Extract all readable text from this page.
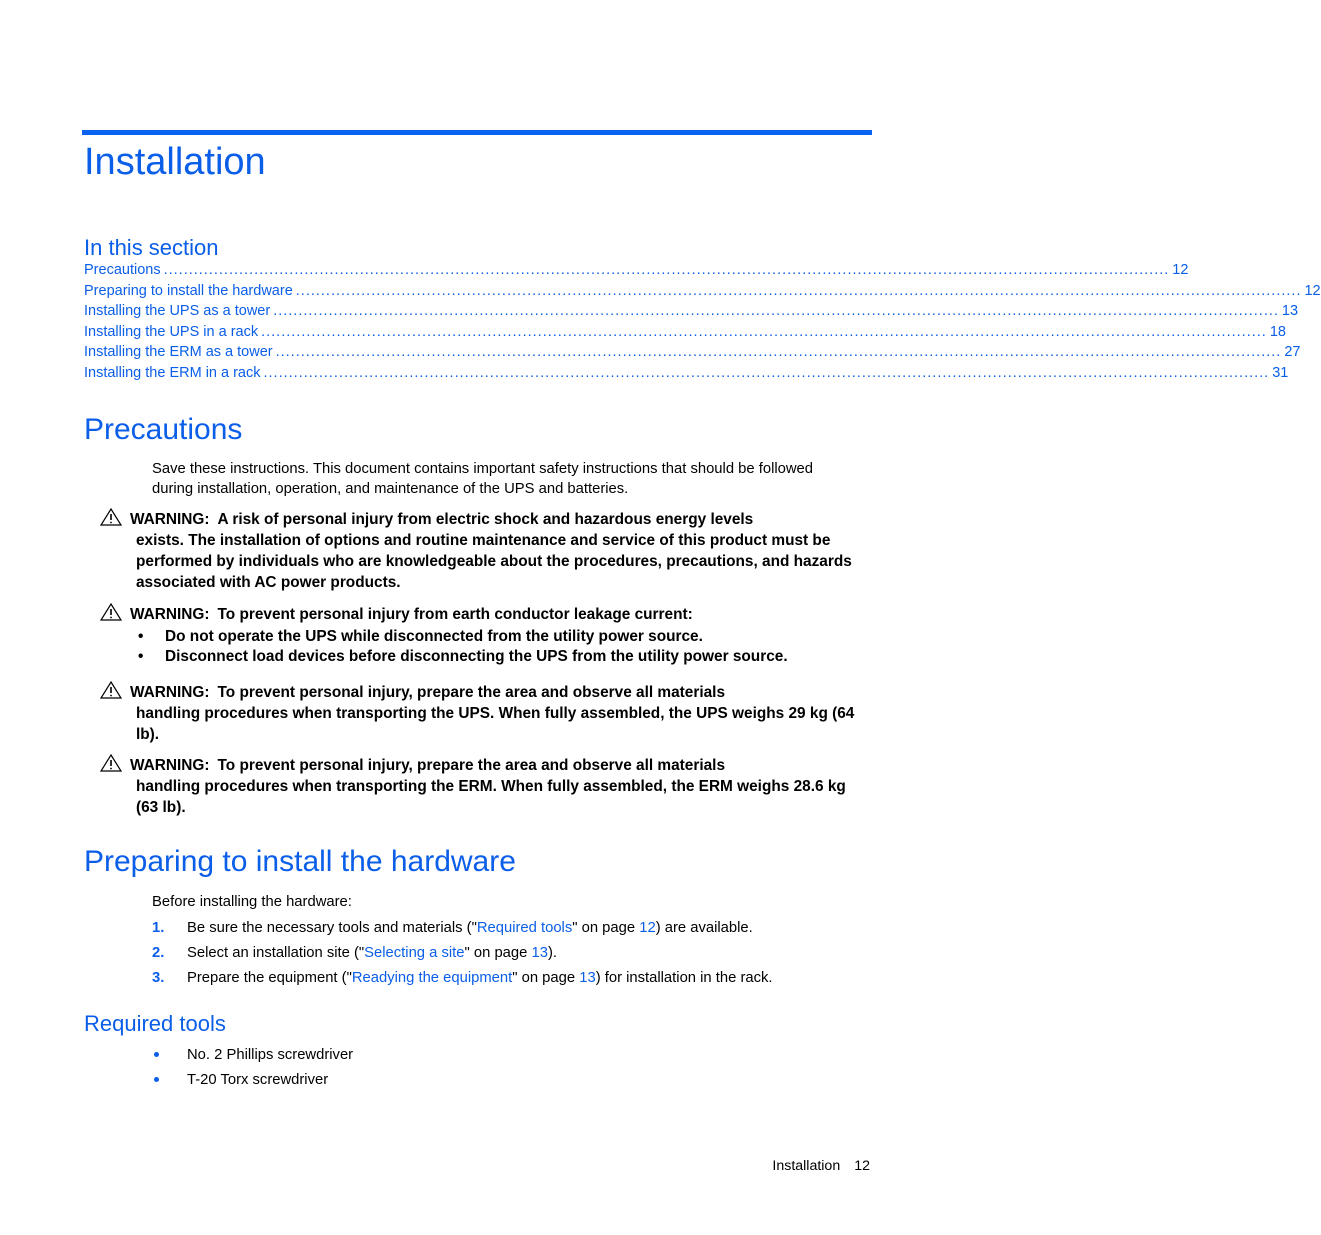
Installation
In this section
Precautions ........................................................................................................................................................................................................ 12
Preparing to install the hardware ........................................................................................................................................................................................................ 12
Installing the UPS as a tower ........................................................................................................................................................................................................ 13
Installing the UPS in a rack ........................................................................................................................................................................................................ 18
Installing the ERM as a tower ........................................................................................................................................................................................................ 27
Installing the ERM in a rack ........................................................................................................................................................................................................ 31
Precautions

Save these instructions. This document contains important safety instructions that should be followed during installation, operation, and maintenance of the UPS and batteries.

WARNING: A risk of personal injury from electric shock and hazardous energy levels
exists. The installation of options and routine maintenance and service of this product must be performed by individuals who are knowledgeable about the procedures, precautions, and hazards associated with AC power products.
WARNING: To prevent personal injury from earth conductor leakage current:
• Do not operate the UPS while disconnected from the utility power source.
• Disconnect load devices before disconnecting the UPS from the utility power source.
WARNING: To prevent personal injury, prepare the area and observe all materials
handling procedures when transporting the UPS. When fully assembled, the UPS weighs 29 kg (64 lb).
WARNING: To prevent personal injury, prepare the area and observe all materials
handling procedures when transporting the ERM. When fully assembled, the ERM weighs 28.6 kg (63 lb).
Preparing to install the hardware

Before installing the hardware:

1. Be sure the necessary tools and materials ("Required tools" on page 12) are available.
2. Select an installation site ("Selecting a site" on page 13).
3. Prepare the equipment ("Readying the equipment" on page 13) for installation in the rack.
Required tools
No. 2 Phillips screwdriver
T-20 Torx screwdriver
Installation 12
